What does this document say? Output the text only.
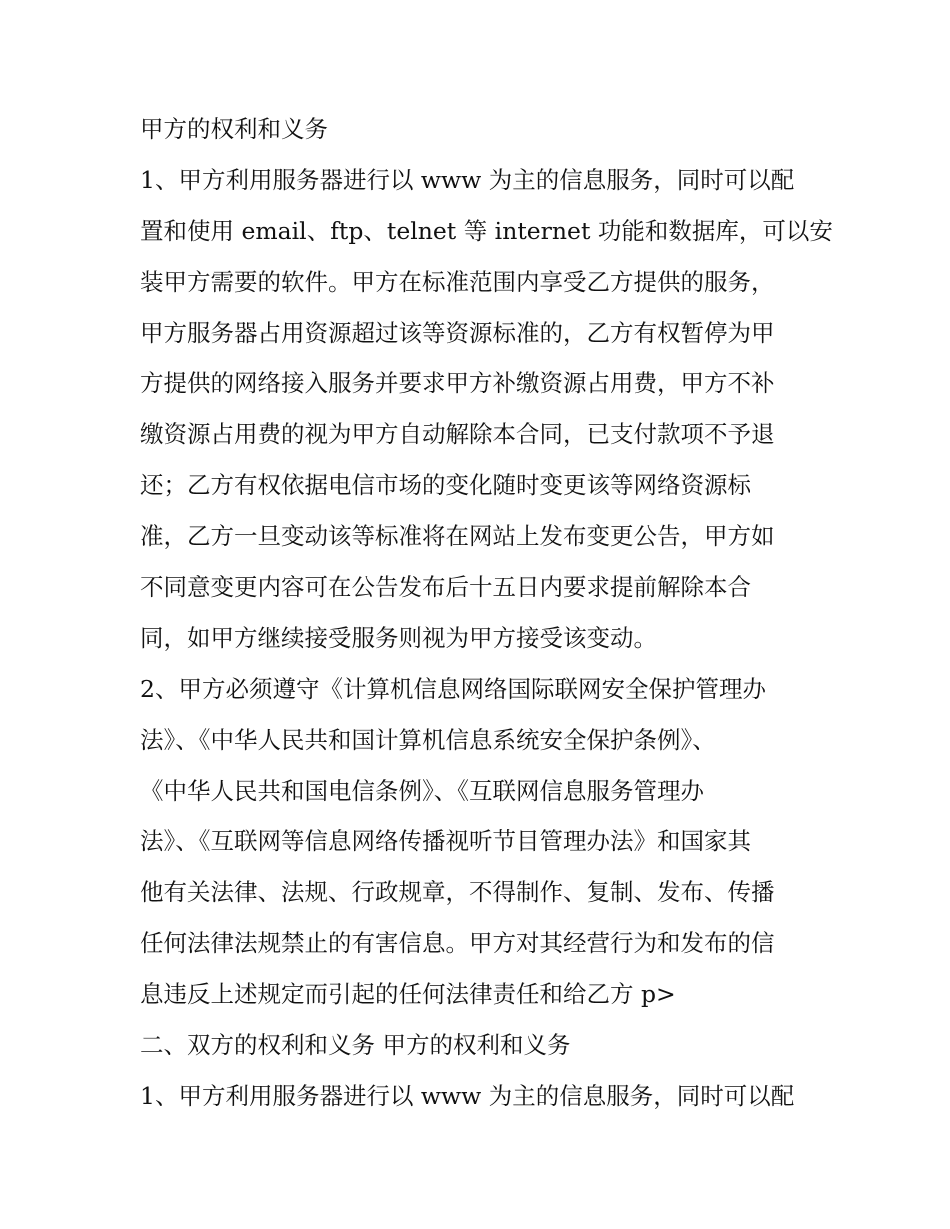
甲方的权利和义务
1、甲方利用服务器进行以 www 为主的信息服务，同时可以配
置和使用 email、ftp、telnet 等 internet 功能和数据库，可以安
装甲方需要的软件。甲方在标准范围内享受乙方提供的服务，
甲方服务器占用资源超过该等资源标准的，乙方有权暂停为甲
方提供的网络接入服务并要求甲方补缴资源占用费，甲方不补
缴资源占用费的视为甲方自动解除本合同，已支付款项不予退
还；乙方有权依据电信市场的变化随时变更该等网络资源标
准，乙方一旦变动该等标准将在网站上发布变更公告，甲方如
不同意变更内容可在公告发布后十五日内要求提前解除本合
同，如甲方继续接受服务则视为甲方接受该变动。
2、甲方必须遵守《计算机信息网络国际联网安全保护管理办
法》、《中华人民共和国计算机信息系统安全保护条例》、
《中华人民共和国电信条例》、《互联网信息服务管理办
法》、《互联网等信息网络传播视听节目管理办法》和国家其
他有关法律、法规、行政规章，不得制作、复制、发布、传播
任何法律法规禁止的有害信息。甲方对其经营行为和发布的信
息违反上述规定而引起的任何法律责任和给乙方 p>
二、双方的权利和义务 甲方的权利和义务
1、甲方利用服务器进行以 www 为主的信息服务，同时可以配
